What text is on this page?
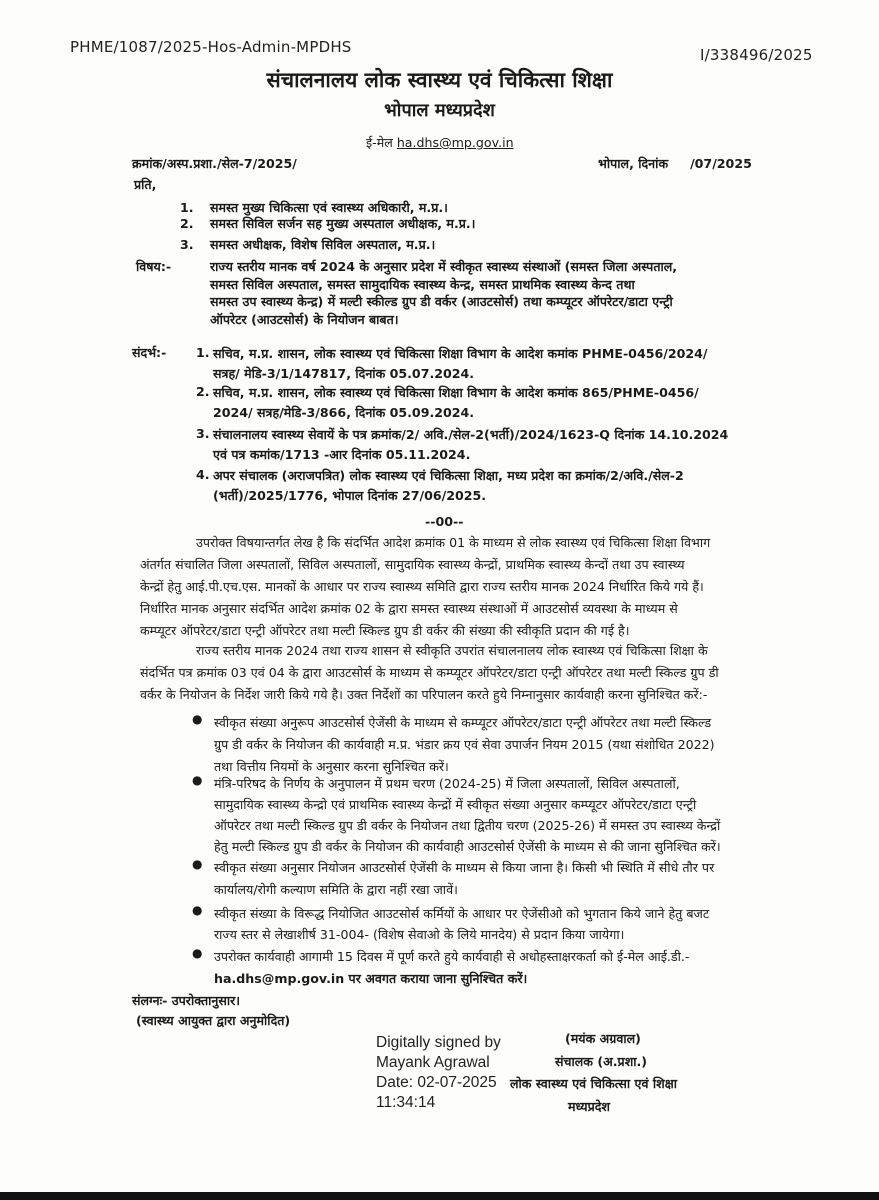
PHME/1087/2025-Hos-Admin-MPDHS	I/338496/2025
संचालनालय लोक स्वास्थ्य एवं चिकित्सा शिक्षा
भोपाल मध्यप्रदेश
ई-मेल ha.dhs@mp.gov.in
क्रमांक/अस्प.प्रशा./सेल-7/2025/	भोपाल, दिनांक /07/2025
प्रति,
1. समस्त मुख्य चिकित्सा एवं स्वास्थ्य अधिकारी, म.प्र.।
2. समस्त सिविल सर्जन सह मुख्य अस्पताल अधीक्षक, म.प्र.।
3. समस्त अधीक्षक, विशेष सिविल अस्पताल, म.प्र.।
विषय:-	राज्य स्तरीय मानक वर्ष 2024 के अनुसार प्रदेश में स्वीकृत स्वास्थ्य संस्थाओं (समस्त जिला अस्पताल,
समस्त सिविल अस्पताल, समस्त सामुदायिक स्वास्थ्य केन्द्र, समस्त प्राथमिक स्वास्थ्य केन्द तथा
समस्त उप स्वास्थ्य केन्द्र) में मल्टी स्कील्ड ग्रुप डी वर्कर (आउटसोर्स) तथा कम्प्यूटर ऑपरेटर/डाटा एन्ट्री
ऑपरेटर (आउटसोर्स) के नियोजन बाबत।
संदर्भ:- 1. सचिव, म.प्र. शासन, लोक स्वास्थ्य एवं चिकित्सा शिक्षा विभाग के आदेश कमांक PHME-0456/2024/
सत्रह/ मेडि-3/1/147817, दिनांक 05.07.2024.
2. सचिव, म.प्र. शासन, लोक स्वास्थ्य एवं चिकित्सा शिक्षा विभाग के आदेश कमांक 865/PHME-0456/
2024/ सत्रह/मेडि-3/866, दिनांक 05.09.2024.
3. संचालनालय स्वास्थ्य सेवायें के पत्र क्रमांक/2/ अवि./सेल-2(भर्ती)/2024/1623-Q दिनांक 14.10.2024
एवं पत्र कमांक/1713 -आर दिनांक 05.11.2024.
4. अपर संचालक (अराजपत्रित) लोक स्वास्थ्य एवं चिकित्सा शिक्षा, मध्य प्रदेश का क्रमांक/2/अवि./सेल-2
(भर्ती)/2025/1776, भोपाल दिनांक 27/06/2025.
--00--
उपरोक्त विषयान्तर्गत लेख है कि संदर्भित आदेश क्रमांक 01 के माध्यम से लोक स्वास्थ्य एवं चिकित्सा शिक्षा विभाग
अंतर्गत संचालित जिला अस्पतालों, सिविल अस्पतालों, सामुदायिक स्वास्थ्य केन्द्रों, प्राथमिक स्वास्थ्य केन्दों तथा उप स्वास्थ्य
केन्द्रों हेतु आई.पी.एच.एस. मानकों के आधार पर राज्य स्वास्थ्य समिति द्वारा राज्य स्तरीय मानक 2024 निर्धारित किये गये हैं।
निर्धारित मानक अनुसार संदर्भित आदेश क्रमांक 02 के द्वारा समस्त स्वास्थ्य संस्थाओं में आउटसोर्स व्यवस्था के माध्यम से
कम्प्यूटर ऑपरेटर/डाटा एन्ट्री ऑपरेटर तथा मल्टी स्किल्ड ग्रुप डी वर्कर की संख्या की स्वीकृति प्रदान की गई है।
राज्य स्तरीय मानक 2024 तथा राज्य शासन से स्वीकृति उपरांत संचालनालय लोक स्वास्थ्य एवं चिकित्सा शिक्षा के
संदर्भित पत्र क्रमांक 03 एवं 04 के द्वारा आउटसोर्स के माध्यम से कम्प्यूटर ऑपरेटर/डाटा एन्ट्री ऑपरेटर तथा मल्टी स्किल्ड ग्रुप डी
वर्कर के नियोजन के निर्देश जारी किये गये है। उक्त निर्देशों का परिपालन करते हुये निम्नानुसार कार्यवाही करना सुनिश्चित करें:-
● स्वीकृत संख्या अनुरूप आउटसोर्स ऐजेंसी के माध्यम से कम्प्यूटर ऑपरेटर/डाटा एन्ट्री ऑपरेटर तथा मल्टी स्किल्ड
ग्रुप डी वर्कर के नियोजन की कार्यवाही म.प्र. भंडार क्रय एवं सेवा उपार्जन नियम 2015 (यथा संशोधित 2022)
तथा वित्तीय नियमों के अनुसार करना सुनिश्चित करें।
● मंत्रि-परिषद के निर्णय के अनुपालन में प्रथम चरण (2024-25) में जिला अस्पतालों, सिविल अस्पतालों,
सामुदायिक स्वास्थ्य केन्द्रो एवं प्राथमिक स्वास्थ्य केन्द्रों में स्वीकृत संख्या अनुसार कम्प्यूटर ऑपरेटर/डाटा एन्ट्री
ऑपरेटर तथा मल्टी स्किल्ड ग्रुप डी वर्कर के नियोजन तथा द्वितीय चरण (2025-26) में समस्त उप स्वास्थ्य केन्द्रों
हेतु मल्टी स्किल्ड ग्रुप डी वर्कर के नियोजन की कार्यवाही आउटसोर्स ऐजेंसी के माध्यम से की जाना सुनिश्चित करें।
● स्वीकृत संख्या अनुसार नियोजन आउटसोर्स ऐजेंसी के माध्यम से किया जाना है। किसी भी स्थिति में सीधे तौर पर
कार्यालय/रोगी कल्याण समिति के द्वारा नहीं रखा जावें।
● स्वीकृत संख्या के विरूद्ध नियोजित आउटसोर्स कर्मियों के आधार पर ऐजेंसीओ को भुगतान किये जाने हेतु बजट
राज्य स्तर से लेखाशीर्ष 31-004- (विशेष सेवाओ के लिये मानदेय) से प्रदान किया जायेगा।
● उपरोक्त कार्यवाही आगामी 15 दिवस में पूर्ण करते हुये कार्यवाही से अधोहस्ताक्षरकर्ता को ई-मेल आई.डी.-
ha.dhs@mp.gov.in पर अवगत कराया जाना सुनिश्चित करें।
संलग्नः- उपरोक्तानुसार।
(स्वास्थ्य आयुक्त द्वारा अनुमोदित)
Digitally signed by
Mayank Agrawal
Date: 02-07-2025
11:34:14
(मयंक अग्रवाल)
संचालक (अ.प्रशा.)
लोक स्वास्थ्य एवं चिकित्सा एवं शिक्षा
मध्यप्रदेश
